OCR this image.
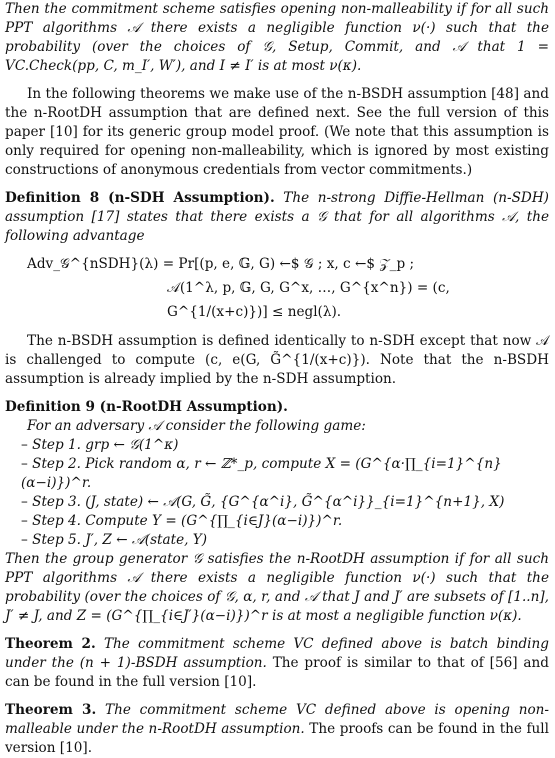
Then the commitment scheme satisfies opening non-malleability if for all such PPT algorithms 𝒜 there exists a negligible function ν(·) such that the probability (over the choices of 𝒢, Setup, Commit, and 𝒜 that 1 = VC.Check(pp, C, m_I′, W′), and I ≠ I′ is at most ν(κ).

In the following theorems we make use of the n-BSDH assumption [48] and the n-RootDH assumption that are defined next. See the full version of this paper [10] for its generic group model proof. (We note that this assumption is only required for opening non-malleability, which is ignored by most existing constructions of anonymous credentials from vector commitments.)

Definition 8 (n-SDH Assumption). The n-strong Diffie-Hellman (n-SDH) assumption [17] states that there exists a 𝒢 that for all algorithms 𝒜, the following advantage

Adv_𝒢^{nSDH}(λ) = Pr[(p, e, 𝔾, G) ←$ 𝒢 ; x, c ←$ 𝒵_p ;
𝒜(1^λ, p, 𝔾, G, G^x, …, G^{x^n}) = (c, G^{1/(x+c)})] ≤ negl(λ).

The n-BSDH assumption is defined identically to n-SDH except that now 𝒜 is challenged to compute (c, e(G, G̃^{1/(x+c)}). Note that the n-BSDH assumption is already implied by the n-SDH assumption.

Definition 9 (n-RootDH Assumption).

For an adversary 𝒜 consider the following game:

– Step 1. grp ← 𝒢(1^κ)
– Step 2. Pick random α, r ← ℤ*_p, compute X = (G^{α·∏_{i=1}^{n}(α−i)})^r.
– Step 3. (J, state) ← 𝒜(G, G̃, {G^{α^i}, G̃^{α^i}}_{i=1}^{n+1}, X)
– Step 4. Compute Y = (G^{∏_{i∈J}(α−i)})^r.
– Step 5. J′, Z ← 𝒜(state, Y)

Then the group generator 𝒢 satisfies the n-RootDH assumption if for all such PPT algorithms 𝒜 there exists a negligible function ν(·) such that the probability (over the choices of 𝒢, α, r, and 𝒜 that J and J′ are subsets of [1..n], J′ ≠ J, and Z = (G^{∏_{i∈J′}(α−i)})^r is at most a negligible function ν(κ).

Theorem 2. The commitment scheme VC defined above is batch binding under the (n + 1)-BSDH assumption. The proof is similar to that of [56] and can be found in the full version [10].

Theorem 3. The commitment scheme VC defined above is opening non-malleable under the n-RootDH assumption. The proofs can be found in the full version [10].
